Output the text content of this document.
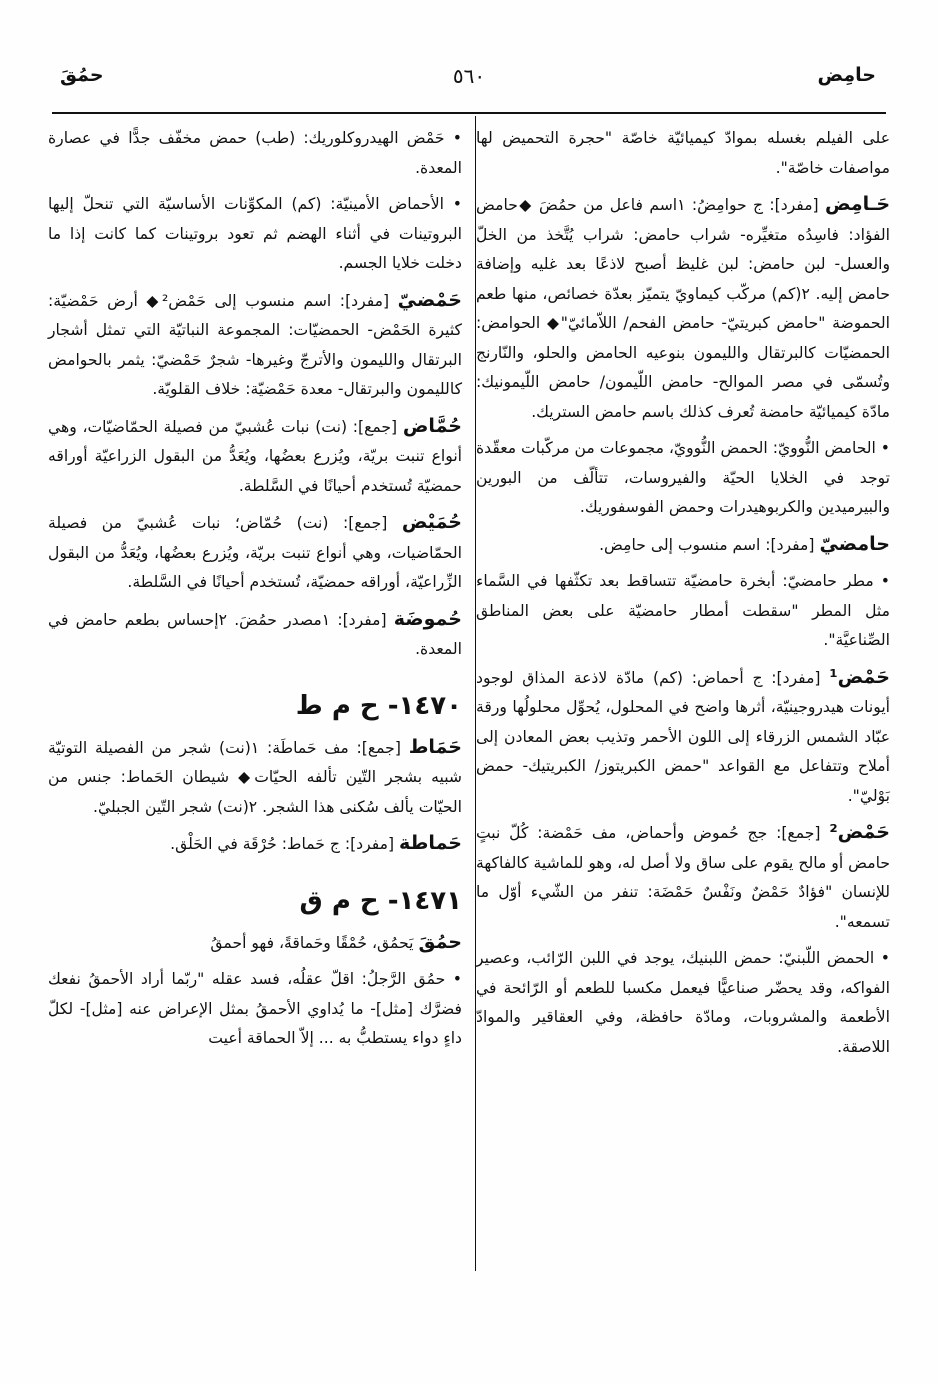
حامِض
٥٦٠
حمُقَ
على الفيلم بغسله بموادّ كيميائيّة خاصّة "حجرة التحميض لها مواصفات خاصّة".
حَـامِض [مفرد]: ج حوامِضُ: ١اسم فاعل من حمُضَ ◆حامض الفؤاد: فاسِدُه متغيِّره- شراب حامض: شراب يُتَّخذ من الخلّ والعسل- لبن حامض: لبن غليظ أصبح لاذعًا بعد غليه وإضافة حامض إليه. ٢(كم) مركّب كيماويّ يتميّز بعدّة خصائص، منها طعم الحموضة "حامض كبريتيّ- حامض الفحم/ اللاّمائيّ"◆ الحوامض: الحمضيّات كالبرتقال والليمون بنوعيه الحامض والحلو، والنّارنج وتُسمّى في مصر الموالح- حامض اللّيمون/ حامض اللّيمونيك: مادّة كيميائيّة حامضة تُعرف كذلك باسم حامض الستريك.
• الحامض النُّوويّ: الحمض النُّوويّ، مجموعات من مركّبات معقّدة توجد في الخلايا الحيّة والفيروسات، تتألّف من البورين والبيرميدين والكربوهيدرات وحمض الفوسفوريك.
حامضيّ [مفرد]: اسم منسوب إلى حامِض.
• مطر حامضيّ: أبخرة حامضيّة تتساقط بعد تكثّفها في السَّماء مثل المطر "سقطت أمطار حامضيّة على بعض المناطق الصِّناعيَّة".
حَمْض¹ [مفرد]: ج أحماض: (كم) مادّة لاذعة المذاق لوجود أيونات هيدروجينيّة، أثرها واضح في المحلول، يُحوِّل محلولُها ورقة عبّاد الشمس الزرقاء إلى اللون الأحمر وتذيب بعض المعادن إلى أملاح وتتفاعل مع القواعد "حمض الكبريتوز/ الكبريتيك- حمض بَوْليّ".
حَمْض² [جمع]: جج حُموض وأحماض، مف حَمْضة: كُلّ نبتٍ حامض أو مالح يقوم على ساق ولا أصل له، وهو للماشية كالفاكهة للإنسان "فؤادٌ حَمْضٌ ونَفْسٌ حَمْضَة: تنفر من الشّيء أوّل ما تسمعه".
• الحمض اللّبنيّ: حمض اللبنيك، يوجد في اللبن الرّائب، وعصير الفواكه، وقد يحضّر صناعيًّا فيعمل مكسبا للطعم أو الرّائحة في الأطعمة والمشروبات، ومادّة حافظة، وفي العقاقير والموادّ اللاصقة.
• حَمْض الهيدروكلوريك: (طب) حمض مخفّف جدًّا في عصارة المعدة.
• الأحماض الأمينيّة: (كم) المكوِّنات الأساسيّة التي تنحلّ إليها البروتينات في أثناء الهضم ثم تعود بروتينات كما كانت إذا ما دخلت خلايا الجسم.
حَمْضيّ [مفرد]: اسم منسوب إلى حَمْض²◆ أرض حَمْضيّة: كثيرة الحَمْض- الحمضيّات: المجموعة النباتيّة التي تمثل أشجار البرتقال والليمون والأترجّ وغيرها- شجرٌ حَمْضيّ: يثمر بالحوامض كالليمون والبرتقال- معدة حَمْضيّة: خلاف القلويّة.
حُمَّاض [جمع]: (نت) نبات عُشبيّ من فصيلة الحمّاضيّات، وهي أنواع تنبت بريّة، ويُزرع بعضُها، ويُعَدُّ من البقول الزراعيّة أوراقه حمضيّة تُستخدم أحيانًا في السَّلطة.
حُمَيْض [جمع]: (نت) حُمّاض؛ نبات عُشبيّ من فصيلة الحمّاضيات، وهي أنواع تنبت بريّة، ويُزرع بعضُها، ويُعَدُّ من البقول الزِّراعيّة، أوراقه حمضيّة، تُستخدم أحيانًا في السَّلطة.
حُموضَة [مفرد]: ١مصدر حمُضَ. ٢إحساس بطعم حامض في المعدة.
١٤٧٠- ح م ط
حَمَاط [جمع]: مف حَماطَة: ١(نت) شجر من الفصيلة التوتيّة شبيه بشجر التّين تألفه الحيّات◆ شيطان الحَماط: جنس من الحيّات يألف سُكنى هذا الشجر. ٢(نت) شجر التّين الجبليّ.
حَماطة [مفرد]: ج حَماط: حُرْقَة في الحَلْق.
١٤٧١- ح م ق
حمُقَ يَحمُق، حُمْقًا وحَماقةً، فهو أحمقُ
• حمُق الرَّجلُ: اقلّ عقلُه، فسد عقله "ربّما أراد الأحمقُ نفعك فضرَّك [مثل]- ما يُداوي الأحمقُ بمثل الإعراض عنه [مثل]- لكلّ داءٍ دواء يستطبُّ به ... إلاّ الحماقة أعيت
